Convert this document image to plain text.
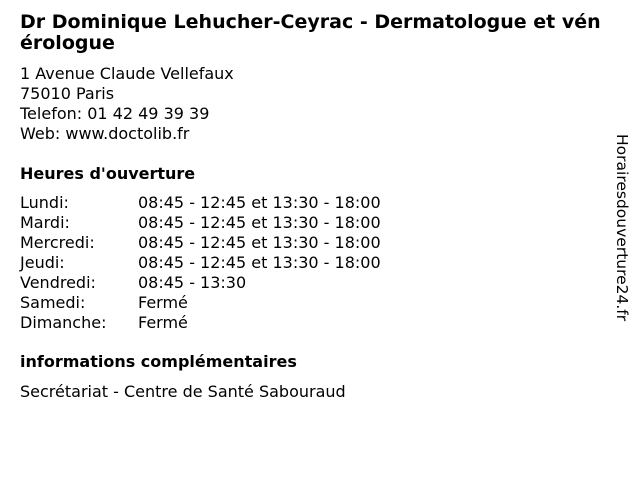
Dr Dominique Lehucher-Ceyrac - Dermatologue et vénérologue
1 Avenue Claude Vellefaux
75010 Paris
Telefon: 01 42 49 39 39
Web: www.doctolib.fr
Heures d'ouverture
Lundi:	08:45 - 12:45 et 13:30 - 18:00
Mardi:	08:45 - 12:45 et 13:30 - 18:00
Mercredi:	08:45 - 12:45 et 13:30 - 18:00
Jeudi:	08:45 - 12:45 et 13:30 - 18:00
Vendredi:	08:45 - 13:30
Samedi:	Fermé
Dimanche:	Fermé
informations complémentaires
Secrétariat - Centre de Santé Sabouraud
Horairesdouverture24.fr
